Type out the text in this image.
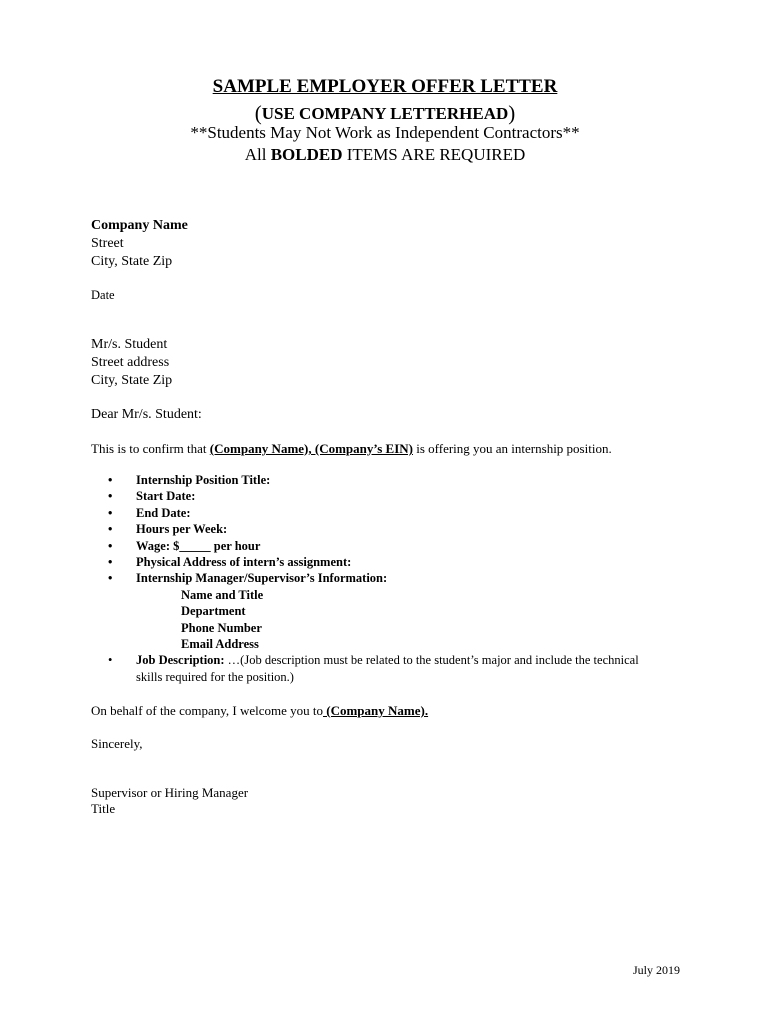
SAMPLE EMPLOYER OFFER LETTER
(USE COMPANY LETTERHEAD)
**Students May Not Work as Independent Contractors**
All BOLDED ITEMS ARE REQUIRED
Company Name
Street
City, State Zip
Date
Mr/s. Student
Street address
City, State Zip
Dear Mr/s. Student:
This is to confirm that (Company Name), (Company’s EIN) is offering you an internship position.
• Internship Position Title:
• Start Date:
• End Date:
• Hours per Week:
• Wage: $_____ per hour
• Physical Address of intern’s assignment:
• Internship Manager/Supervisor’s Information:
Name and Title
Department
Phone Number
Email Address
• Job Description: …(Job description must be related to the student’s major and include the technical skills required for the position.)
On behalf of the company, I welcome you to (Company Name).
Sincerely,
Supervisor or Hiring Manager
Title
July 2019
